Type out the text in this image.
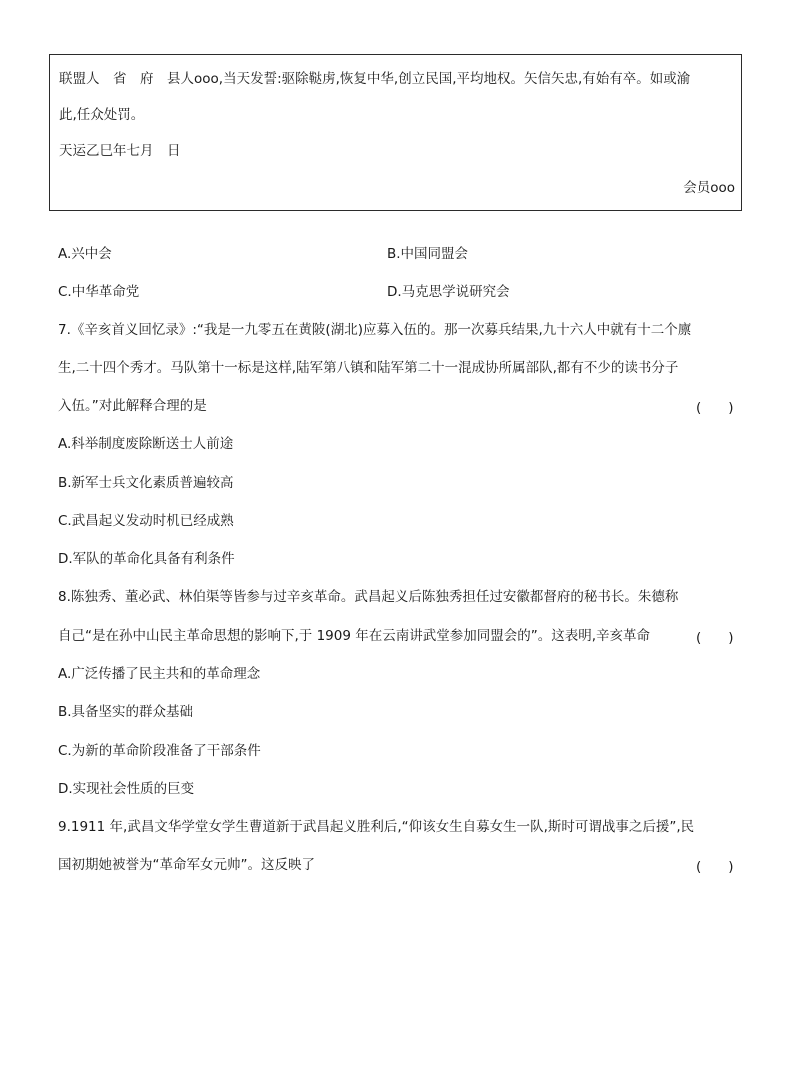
联盟人　省　府　县人ooo,当天发誓:驱除鞑虏,恢复中华,创立民国,平均地权。矢信矢忠,有始有卒。如或渝
此,任众处罚。
天运乙巳年七月　日
会员ooo
A.兴中会	B.中国同盟会
C.中华革命党	D.马克思学说研究会
7.《辛亥首义回忆录》:“我是一九零五在黄陂(湖北)应募入伍的。那一次募兵结果,九十六人中就有十二个廪
生,二十四个秀才。马队第十一标是这样,陆军第八镇和陆军第二十一混成协所属部队,都有不少的读书分子
入伍。”对此解释合理的是	(　　)
A.科举制度废除断送士人前途
B.新军士兵文化素质普遍较高
C.武昌起义发动时机已经成熟
D.军队的革命化具备有利条件
8.陈独秀、董必武、林伯渠等皆参与过辛亥革命。武昌起义后陈独秀担任过安徽都督府的秘书长。朱德称
自己“是在孙中山民主革命思想的影响下,于 1909 年在云南讲武堂参加同盟会的”。这表明,辛亥革命	(　　)
A.广泛传播了民主共和的革命理念
B.具备坚实的群众基础
C.为新的革命阶段准备了干部条件
D.实现社会性质的巨变
9.1911 年,武昌文华学堂女学生曹道新于武昌起义胜利后,“仰该女生自募女生一队,斯时可谓战事之后援”,民
国初期她被誉为“革命军女元帅”。这反映了	(　　)
